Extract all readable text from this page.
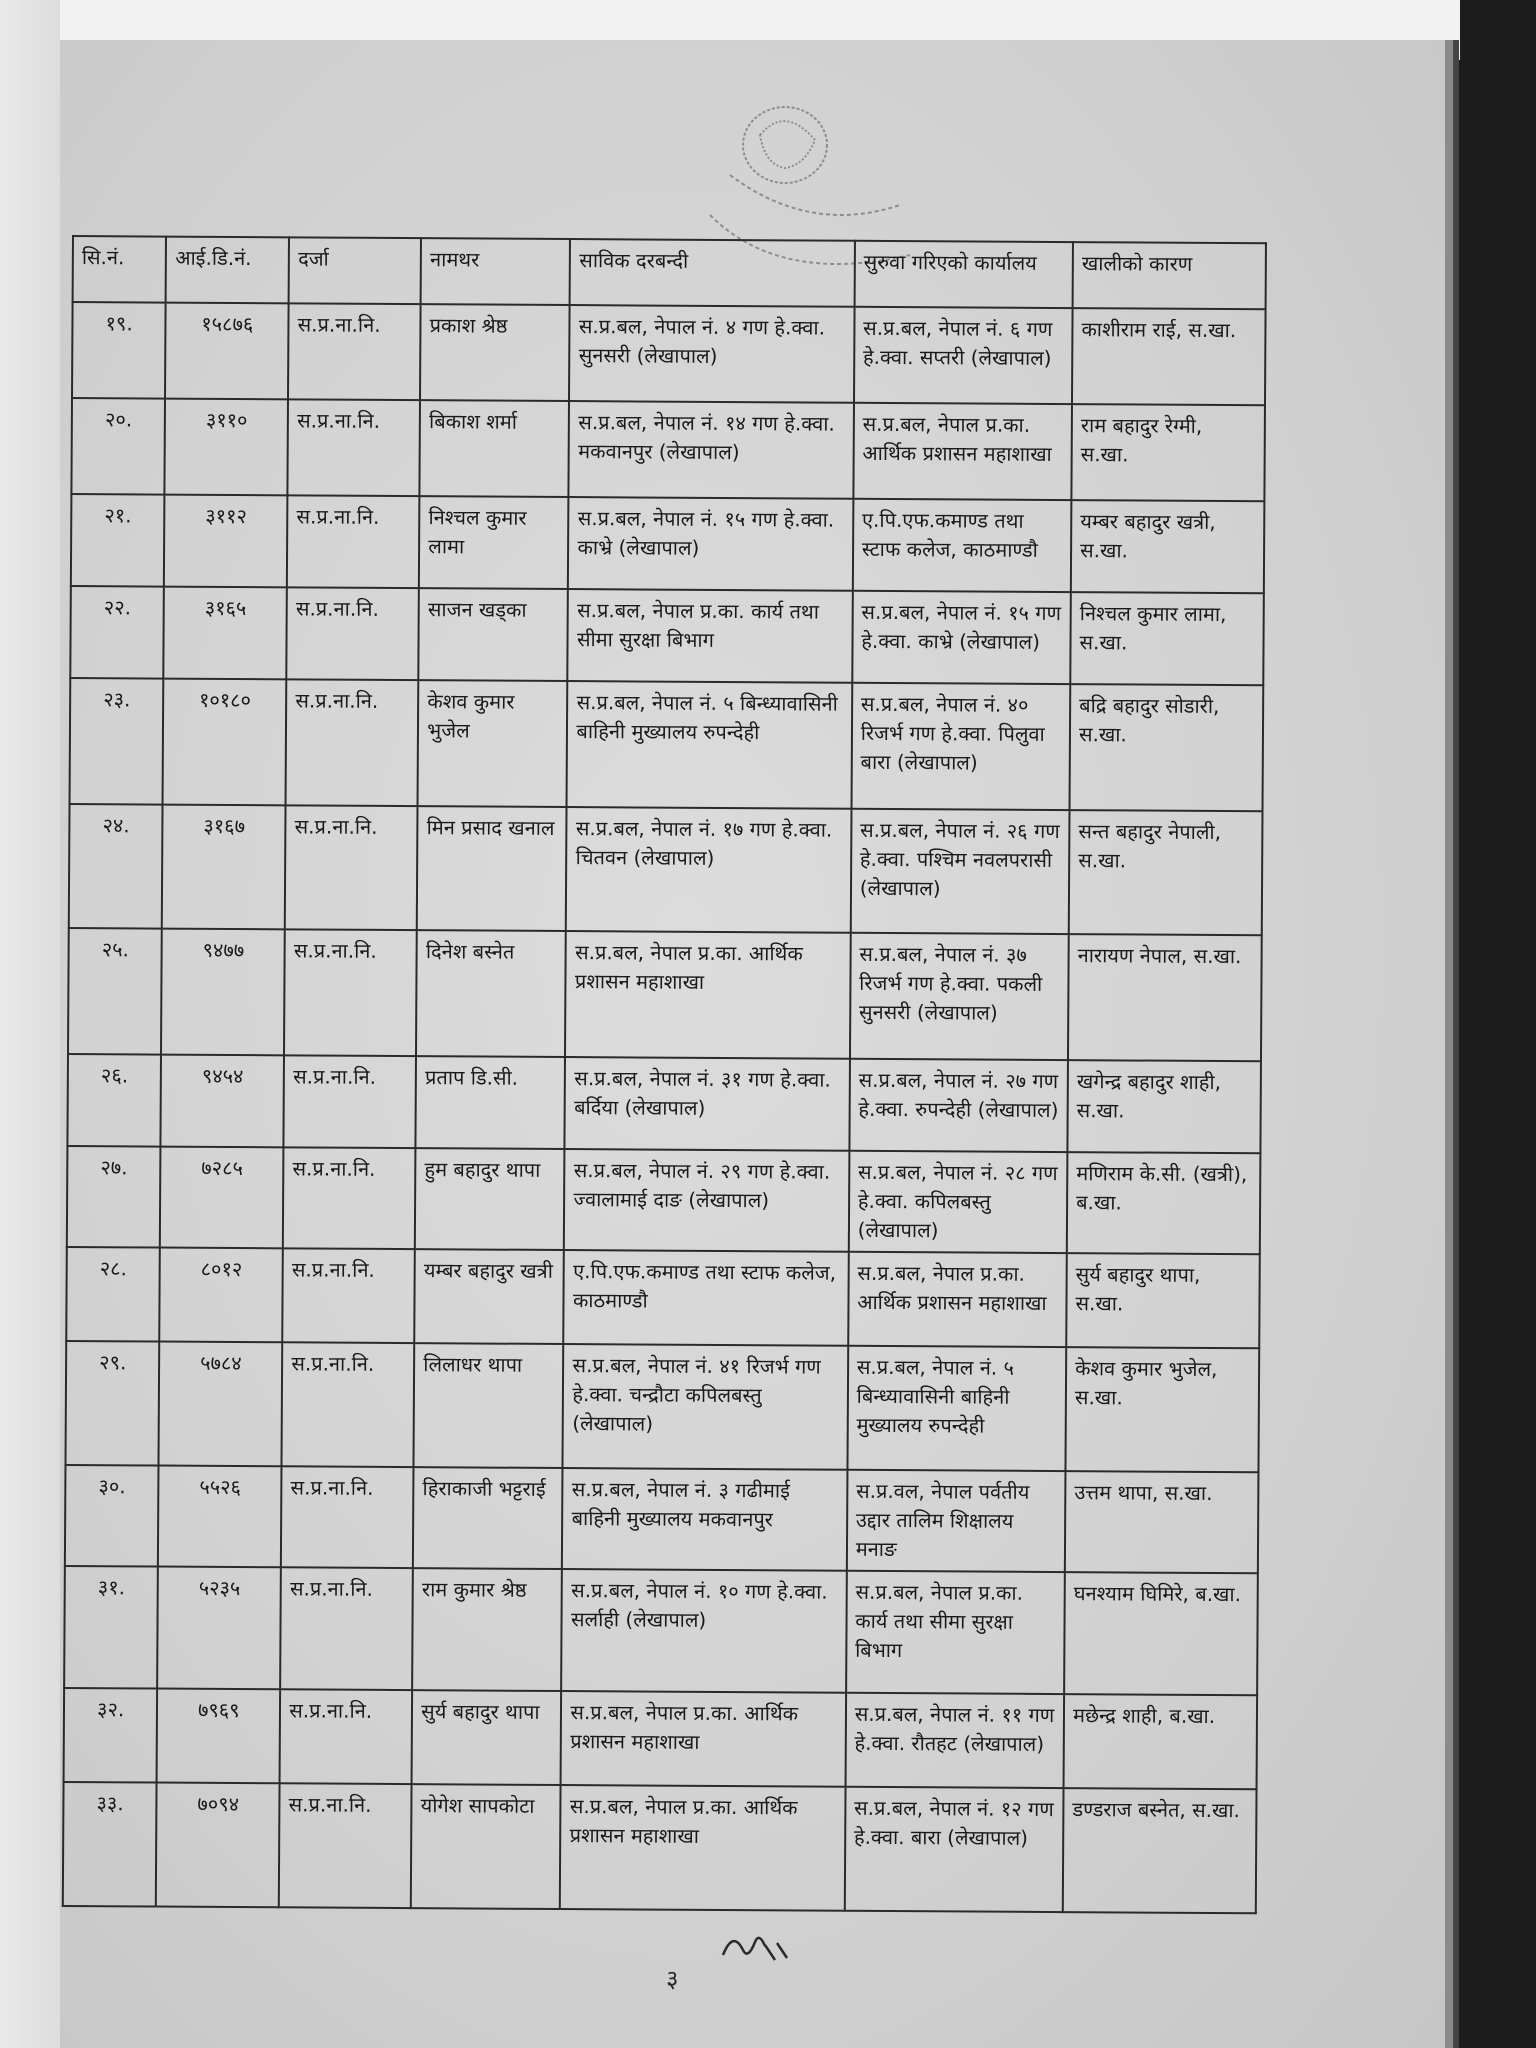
सि.नं.	आई.डि.नं.	दर्जा	नामथर	साविक दरबन्दी	सुरुवा गरिएको कार्यालय	खालीको कारण
१९.	१५८७६	स.प्र.ना.नि.	प्रकाश श्रेष्ठ	स.प्र.बल, नेपाल नं. ४ गण हे.क्वा. सुनसरी (लेखापाल)	स.प्र.बल, नेपाल नं. ६ गण हे.क्वा. सप्तरी (लेखापाल)	काशीराम राई, स.खा.
२०.	३११०	स.प्र.ना.नि.	बिकाश शर्मा	स.प्र.बल, नेपाल नं. १४ गण हे.क्वा. मकवानपुर (लेखापाल)	स.प्र.बल, नेपाल प्र.का. आर्थिक प्रशासन महाशाखा	राम बहादुर रेग्मी, स.खा.
२१.	३११२	स.प्र.ना.नि.	निश्चल कुमार लामा	स.प्र.बल, नेपाल नं. १५ गण हे.क्वा. काभ्रे (लेखापाल)	ए.पि.एफ.कमाण्ड तथा स्टाफ कलेज, काठमाण्डौ	यम्बर बहादुर खत्री, स.खा.
२२.	३१६५	स.प्र.ना.नि.	साजन खड्का	स.प्र.बल, नेपाल प्र.का. कार्य तथा सीमा सुरक्षा बिभाग	स.प्र.बल, नेपाल नं. १५ गण हे.क्वा. काभ्रे (लेखापाल)	निश्चल कुमार लामा, स.खा.
२३.	१०१८०	स.प्र.ना.नि.	केशव कुमार भुजेल	स.प्र.बल, नेपाल नं. ५ बिन्ध्यावासिनी बाहिनी मुख्यालय रुपन्देही	स.प्र.बल, नेपाल नं. ४० रिजर्भ गण हे.क्वा. पिलुवा बारा (लेखापाल)	बद्रि बहादुर सोडारी, स.खा.
२४.	३१६७	स.प्र.ना.नि.	मिन प्रसाद खनाल	स.प्र.बल, नेपाल नं. १७ गण हे.क्वा. चितवन (लेखापाल)	स.प्र.बल, नेपाल नं. २६ गण हे.क्वा. पश्चिम नवलपरासी (लेखापाल)	सन्त बहादुर नेपाली, स.खा.
२५.	९४७७	स.प्र.ना.नि.	दिनेश बस्नेत	स.प्र.बल, नेपाल प्र.का. आर्थिक प्रशासन महाशाखा	स.प्र.बल, नेपाल नं. ३७ रिजर्भ गण हे.क्वा. पकली सुनसरी (लेखापाल)	नारायण नेपाल, स.खा.
२६.	९४५४	स.प्र.ना.नि.	प्रताप डि.सी.	स.प्र.बल, नेपाल नं. ३१ गण हे.क्वा. बर्दिया (लेखापाल)	स.प्र.बल, नेपाल नं. २७ गण हे.क्वा. रुपन्देही (लेखापाल)	खगेन्द्र बहादुर शाही, स.खा.
२७.	७२८५	स.प्र.ना.नि.	हुम बहादुर थापा	स.प्र.बल, नेपाल नं. २९ गण हे.क्वा. ज्वालामाई दाङ (लेखापाल)	स.प्र.बल, नेपाल नं. २८ गण हे.क्वा. कपिलबस्तु (लेखापाल)	मणिराम के.सी. (खत्री), ब.खा.
२८.	८०१२	स.प्र.ना.नि.	यम्बर बहादुर खत्री	ए.पि.एफ.कमाण्ड तथा स्टाफ कलेज, काठमाण्डौ	स.प्र.बल, नेपाल प्र.का. आर्थिक प्रशासन महाशाखा	सुर्य बहादुर थापा, स.खा.
२९.	५७८४	स.प्र.ना.नि.	लिलाधर थापा	स.प्र.बल, नेपाल नं. ४१ रिजर्भ गण हे.क्वा. चन्द्रौटा कपिलबस्तु (लेखापाल)	स.प्र.बल, नेपाल नं. ५ बिन्ध्यावासिनी बाहिनी मुख्यालय रुपन्देही	केशव कुमार भुजेल, स.खा.
३०.	५५२६	स.प्र.ना.नि.	हिराकाजी भट्टराई	स.प्र.बल, नेपाल नं. ३ गढीमाई बाहिनी मुख्यालय मकवानपुर	स.प्र.वल, नेपाल पर्वतीय उद्दार तालिम शिक्षालय मनाङ	उत्तम थापा, स.खा.
३१.	५२३५	स.प्र.ना.नि.	राम कुमार श्रेष्ठ	स.प्र.बल, नेपाल नं. १० गण हे.क्वा. सर्लाही (लेखापाल)	स.प्र.बल, नेपाल प्र.का. कार्य तथा सीमा सुरक्षा बिभाग	घनश्याम घिमिरे, ब.खा.
३२.	७९६९	स.प्र.ना.नि.	सुर्य बहादुर थापा	स.प्र.बल, नेपाल प्र.का. आर्थिक प्रशासन महाशाखा	स.प्र.बल, नेपाल नं. ११ गण हे.क्वा. रौतहट (लेखापाल)	मछेन्द्र शाही, ब.खा.
३३.	७०९४	स.प्र.ना.नि.	योगेश सापकोटा	स.प्र.बल, नेपाल प्र.का. आर्थिक प्रशासन महाशाखा	स.प्र.बल, नेपाल नं. १२ गण हे.क्वा. बारा (लेखापाल)	डण्डराज बस्नेत, स.खा.
३
